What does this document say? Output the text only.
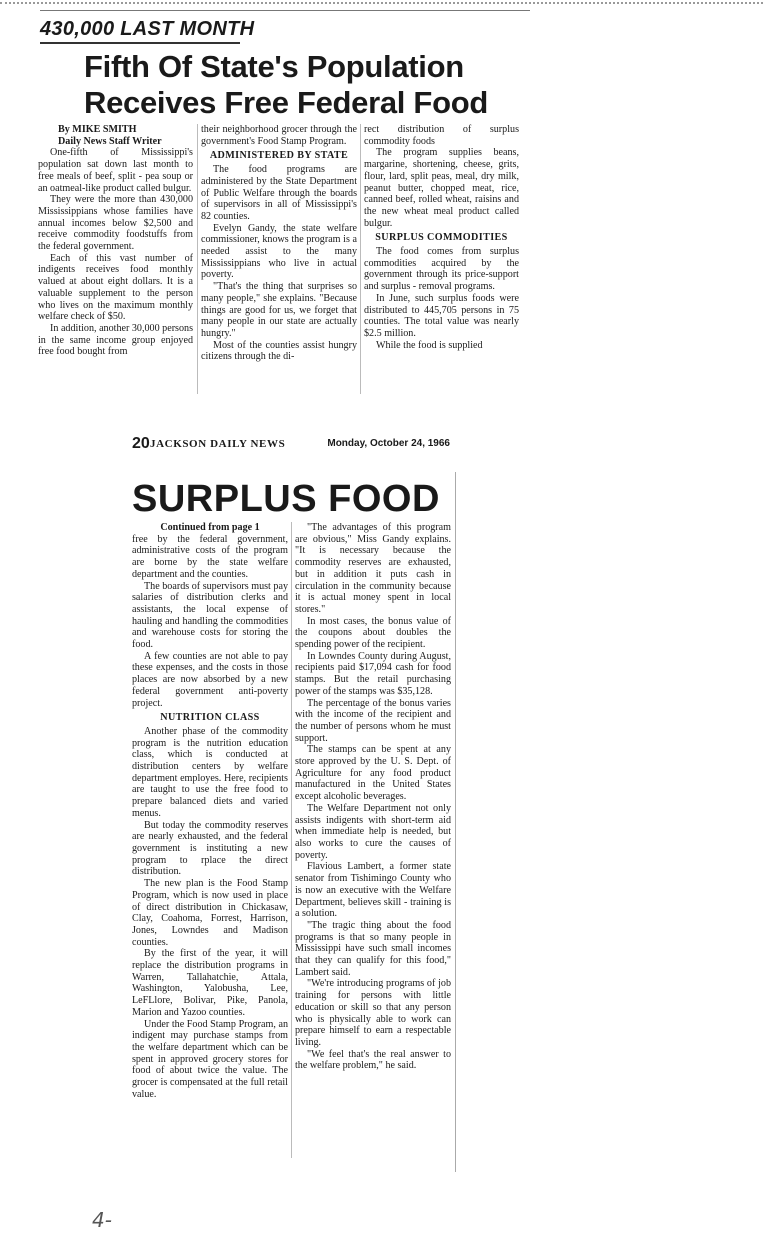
430,000 LAST MONTH
Fifth Of State's Population
Receives Free Federal Food

By MIKE SMITH

Daily News Staff Writer

One-fifth of Mississippi's population sat down last month to free meals of beef, split - pea soup or an oatmeal-like product called bulgur.

They were the more than 430,000 Mississippians whose families have annual incomes below $2,500 and receive commodity foodstuffs from the federal government.

Each of this vast number of indigents receives food monthly valued at about eight dollars. It is a valuable supplement to the person who lives on the maximum monthly welfare check of $50.

In addition, another 30,000 persons in the same income group enjoyed free food bought from

their neighborhood grocer through the government's Food Stamp Program.

ADMINISTERED BY STATE

The food programs are administered by the State Department of Public Welfare through the boards of supervisors in all of Mississippi's 82 counties.

Evelyn Gandy, the state welfare commissioner, knows the program is a needed assist to the many Mississippians who live in actual poverty.

"That's the thing that surprises so many people," she explains. "Because things are good for us, we forget that many people in our state are actually hungry."

Most of the counties assist hungry citizens through the di-

rect distribution of surplus commodity foods

The program supplies beans, margarine, shortening, cheese, grits, flour, lard, split peas, meal, dry milk, peanut butter, chopped meat, rice, canned beef, rolled wheat, raisins and the new wheat meal product called bulgur.

SURPLUS COMMODITIES

The food comes from surplus commodities acquired by the government through its price-support and surplus - removal programs.

In June, such surplus foods were distributed to 445,705 persons in 75 counties. The total value was nearly $2.5 million.

While the food is supplied

20 JACKSON DAILY NEWS	Monday, October 24, 1966
SURPLUS FOOD

Continued from page 1

free by the federal government, administrative costs of the program are borne by the state welfare department and the counties.

The boards of supervisors must pay salaries of distribution clerks and assistants, the local expense of hauling and handling the commodities and warehouse costs for storing the food.

A few counties are not able to pay these expenses, and the costs in those places are now absorbed by a new federal government anti-poverty project.

NUTRITION CLASS

Another phase of the commodity program is the nutrition education class, which is conducted at distribution centers by welfare department employes. Here, recipients are taught to use the free food to prepare balanced diets and varied menus.

But today the commodity reserves are nearly exhausted, and the federal government is instituting a new program to rplace the direct distribution.

The new plan is the Food Stamp Program, which is now used in place of direct distribution in Chickasaw, Clay, Coahoma, Forrest, Harrison, Jones, Lowndes and Madison counties.

By the first of the year, it will replace the distribution programs in Warren, Tallahatchie, Attala, Washington, Yalobusha, Lee, LeFLlore, Bolivar, Pike, Panola, Marion and Yazoo counties.

Under the Food Stamp Program, an indigent may purchase stamps from the welfare department which can be spent in approved grocery stores for food of about twice the value. The grocer is compensated at the full retail value.

"The advantages of this program are obvious," Miss Gandy explains. "It is necessary because the commodity reserves are exhausted, but in addition it puts cash in circulation in the community because it is actual money spent in local stores."

In most cases, the bonus value of the coupons about doubles the spending power of the recipient.

In Lowndes County during August, recipients paid $17,094 cash for food stamps. But the retail purchasing power of the stamps was $35,128.

The percentage of the bonus varies with the income of the recipient and the number of persons whom he must support.

The stamps can be spent at any store approved by the U. S. Dept. of Agriculture for any food product manufactured in the United States except alcoholic beverages.

The Welfare Department not only assists indigents with short-term aid when immediate help is needed, but also works to cure the causes of poverty.

Flavious Lambert, a former state senator from Tishimingo County who is now an executive with the Welfare Department, believes skill - training is a solution.

"The tragic thing about the food programs is that so many people in Mississippi have such small incomes that they can qualify for this food," Lambert said.

"We're introducing programs of job training for persons with little education or skill so that any person who is physically able to work can prepare himself to earn a respectable living.

"We feel that's the real answer to the welfare problem," he said.

4-
